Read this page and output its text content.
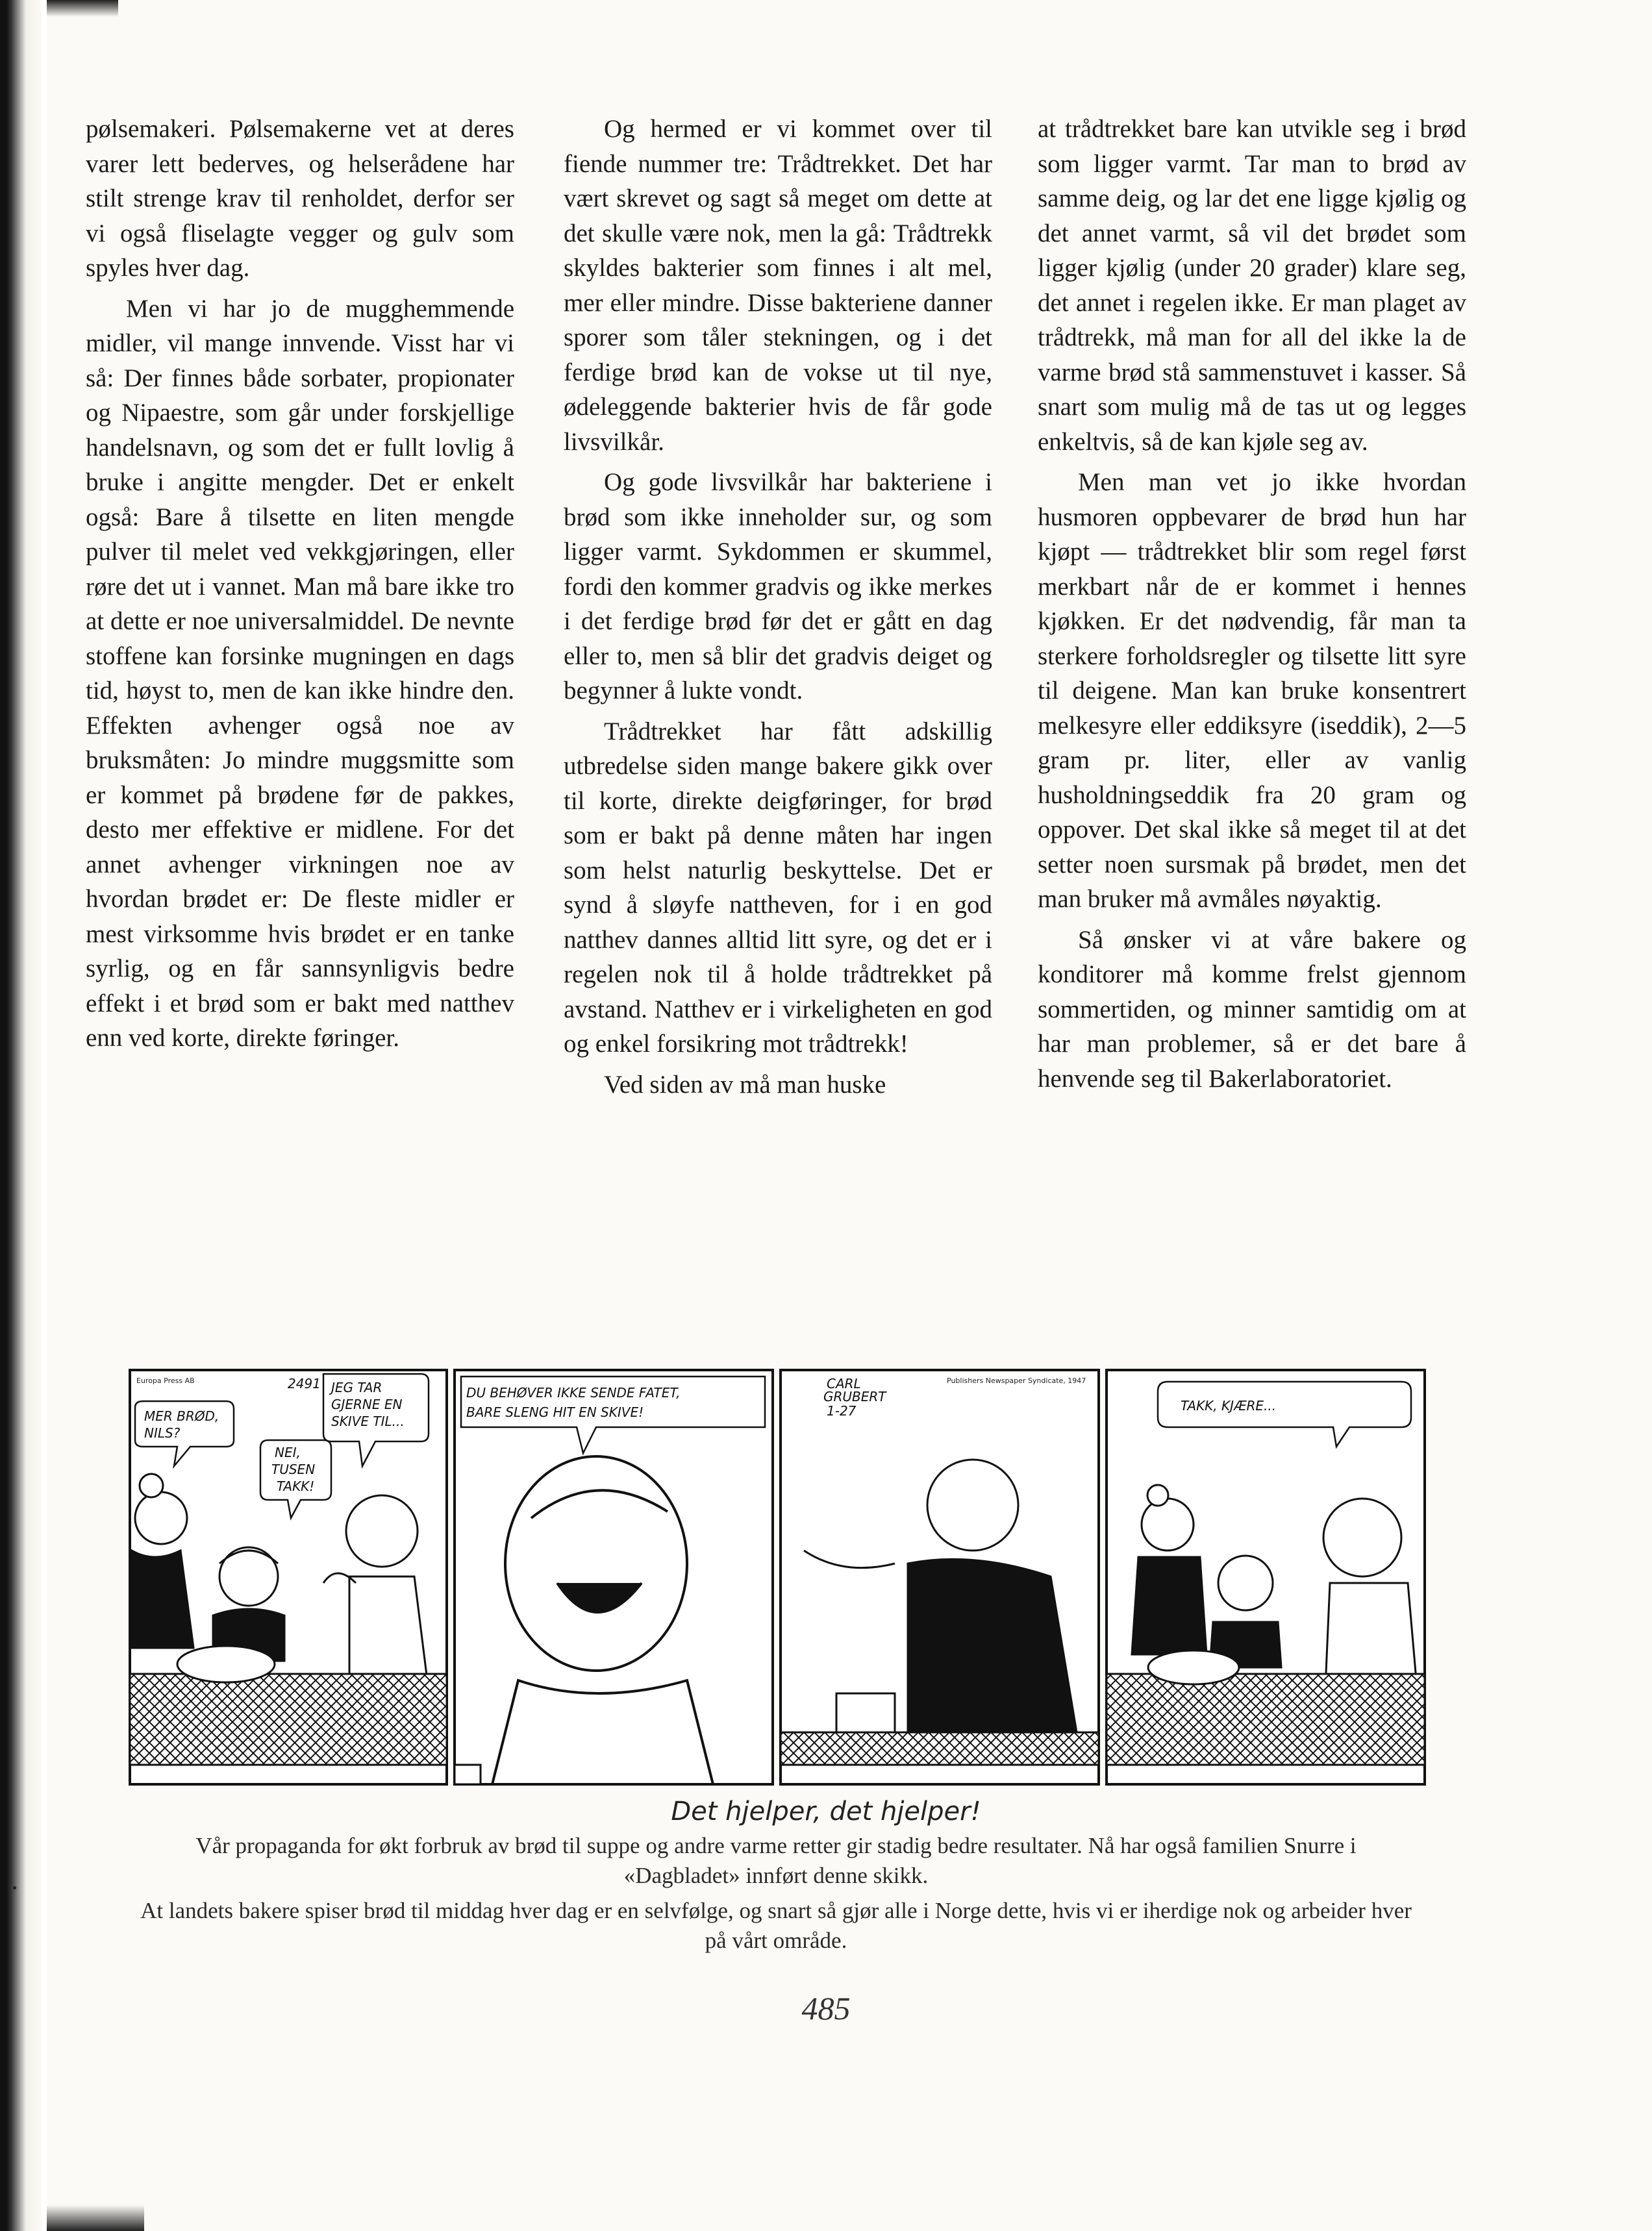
pølsemakeri. Pølsemakerne vet at deres varer lett bederves, og helserådene har stilt strenge krav til renholdet, derfor ser vi også fliselagte vegger og gulv som spyles hver dag.

Men vi har jo de mugghemmende midler, vil mange innvende. Visst har vi så: Der finnes både sorbater, propionater og Nipaestre, som går under forskjellige handelsnavn, og som det er fullt lovlig å bruke i angitte mengder. Det er enkelt også: Bare å tilsette en liten mengde pulver til melet ved vekkgjøringen, eller røre det ut i vannet. Man må bare ikke tro at dette er noe universalmiddel. De nevnte stoffene kan forsinke mugningen en dags tid, høyst to, men de kan ikke hindre den. Effekten avhenger også noe av bruksmåten: Jo mindre muggsmitte som er kommet på brødene før de pakkes, desto mer effektive er midlene. For det annet avhenger virkningen noe av hvordan brødet er: De fleste midler er mest virksomme hvis brødet er en tanke syrlig, og en får sannsynligvis bedre effekt i et brød som er bakt med natthev enn ved korte, direkte føringer.

Og hermed er vi kommet over til fiende nummer tre: Trådtrekket. Det har vært skrevet og sagt så meget om dette at det skulle være nok, men la gå: Trådtrekk skyldes bakterier som finnes i alt mel, mer eller mindre. Disse bakteriene danner sporer som tåler stekningen, og i det ferdige brød kan de vokse ut til nye, ødeleggende bakterier hvis de får gode livsvilkår.

Og gode livsvilkår har bakteriene i brød som ikke inneholder sur, og som ligger varmt. Sykdommen er skummel, fordi den kommer gradvis og ikke merkes i det ferdige brød før det er gått en dag eller to, men så blir det gradvis deiget og begynner å lukte vondt.

Trådtrekket har fått adskillig utbredelse siden mange bakere gikk over til korte, direkte deigføringer, for brød som er bakt på denne måten har ingen som helst naturlig beskyttelse. Det er synd å sløyfe nattheven, for i en god natthev dannes alltid litt syre, og det er i regelen nok til å holde trådtrekket på avstand. Natthev er i virkeligheten en god og enkel forsikring mot trådtrekk!

Ved siden av må man huske

at trådtrekket bare kan utvikle seg i brød som ligger varmt. Tar man to brød av samme deig, og lar det ene ligge kjølig og det annet varmt, så vil det brødet som ligger kjølig (under 20 grader) klare seg, det annet i regelen ikke. Er man plaget av trådtrekk, må man for all del ikke la de varme brød stå sammenstuvet i kasser. Så snart som mulig må de tas ut og legges enkeltvis, så de kan kjøle seg av.

Men man vet jo ikke hvordan husmoren oppbevarer de brød hun har kjøpt — trådtrekket blir som regel først merkbart når de er kommet i hennes kjøkken. Er det nødvendig, får man ta sterkere forholdsregler og tilsette litt syre til deigene. Man kan bruke konsentrert melkesyre eller eddiksyre (iseddik), 2—5 gram pr. liter, eller av vanlig husholdningseddik fra 20 gram og oppover. Det skal ikke så meget til at det setter noen sursmak på brødet, men det man bruker må avmåles nøyaktig.

Så ønsker vi at våre bakere og konditorer må komme frelst gjennom sommertiden, og minner samtidig om at har man problemer, så er det bare å henvende seg til Bakerlaboratoriet.

Europa Press AB	2491
MER BRØD,
NILS?
JEG TAR
GJERNE EN
SKIVE TIL...
NEI,
TUSEN
TAKK!
DU BEHØVER IKKE SENDE FATET,
BARE SLENG HIT EN SKIVE!
CARL
GRUBERT
1-27
Publishers Newspaper Syndicate, 1947
TAKK, KJÆRE...
Det hjelper, det hjelper!
Vår propaganda for økt forbruk av brød til suppe og andre varme retter gir stadig bedre resultater. Nå har også familien Snurre i «Dagbladet» innført denne skikk.
At landets bakere spiser brød til middag hver dag er en selvfølge, og snart så gjør alle i Norge dette, hvis vi er iherdige nok og arbeider hver på vårt område.
485
